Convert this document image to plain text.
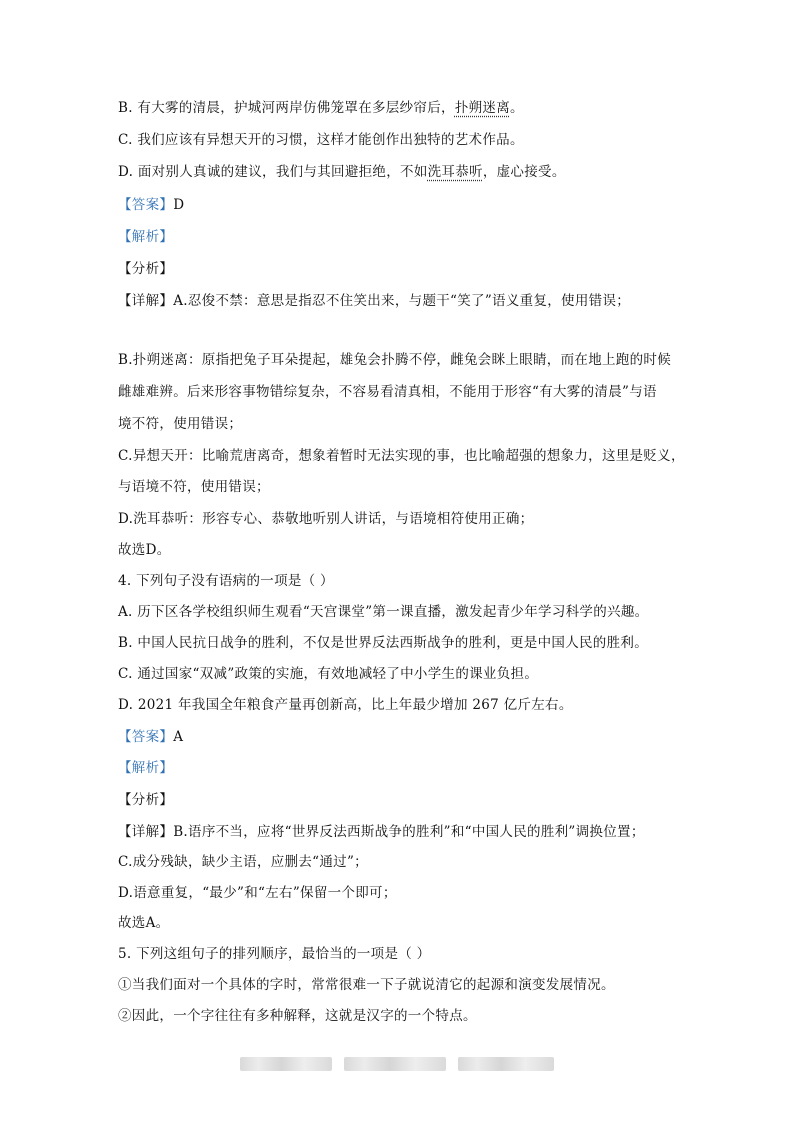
B. 有大雾的清晨，护城河两岸仿佛笼罩在多层纱帘后，扑朔迷离。
C. 我们应该有异想天开的习惯，这样才能创作出独特的艺术作品。
D. 面对别人真诚的建议，我们与其回避拒绝，不如洗耳恭听，虚心接受。
【答案】D
【解析】
【分析】
【详解】A.忍俊不禁：意思是指忍不住笑出来，与题干“笑了”语义重复，使用错误；
B.扑朔迷离：原指把兔子耳朵提起，雄兔会扑腾不停，雌兔会眯上眼睛，而在地上跑的时候
雌雄难辨。后来形容事物错综复杂，不容易看清真相，不能用于形容“有大雾的清晨”与语
境不符，使用错误；
C.异想天开：比喻荒唐离奇，想象着暂时无法实现的事，也比喻超强的想象力，这里是贬义，
与语境不符，使用错误；
D.洗耳恭听：形容专心、恭敬地听别人讲话，与语境相符使用正确；
故选D。
4. 下列句子没有语病的一项是（ ）
A. 历下区各学校组织师生观看“天宫课堂”第一课直播，激发起青少年学习科学的兴趣。
B. 中国人民抗日战争的胜利，不仅是世界反法西斯战争的胜利，更是中国人民的胜利。
C. 通过国家“双减”政策的实施，有效地减轻了中小学生的课业负担。
D. 2021 年我国全年粮食产量再创新高，比上年最少增加 267 亿斤左右。
【答案】A
【解析】
【分析】
【详解】B.语序不当，应将“世界反法西斯战争的胜利”和“中国人民的胜利”调换位置；
C.成分残缺，缺少主语，应删去“通过”；
D.语意重复，“最少”和“左右”保留一个即可；
故选A。
5. 下列这组句子的排列顺序，最恰当的一项是（ ）
①当我们面对一个具体的字时，常常很难一下子就说清它的起源和演变发展情况。
②因此，一个字往往有多种解释，这就是汉字的一个特点。
